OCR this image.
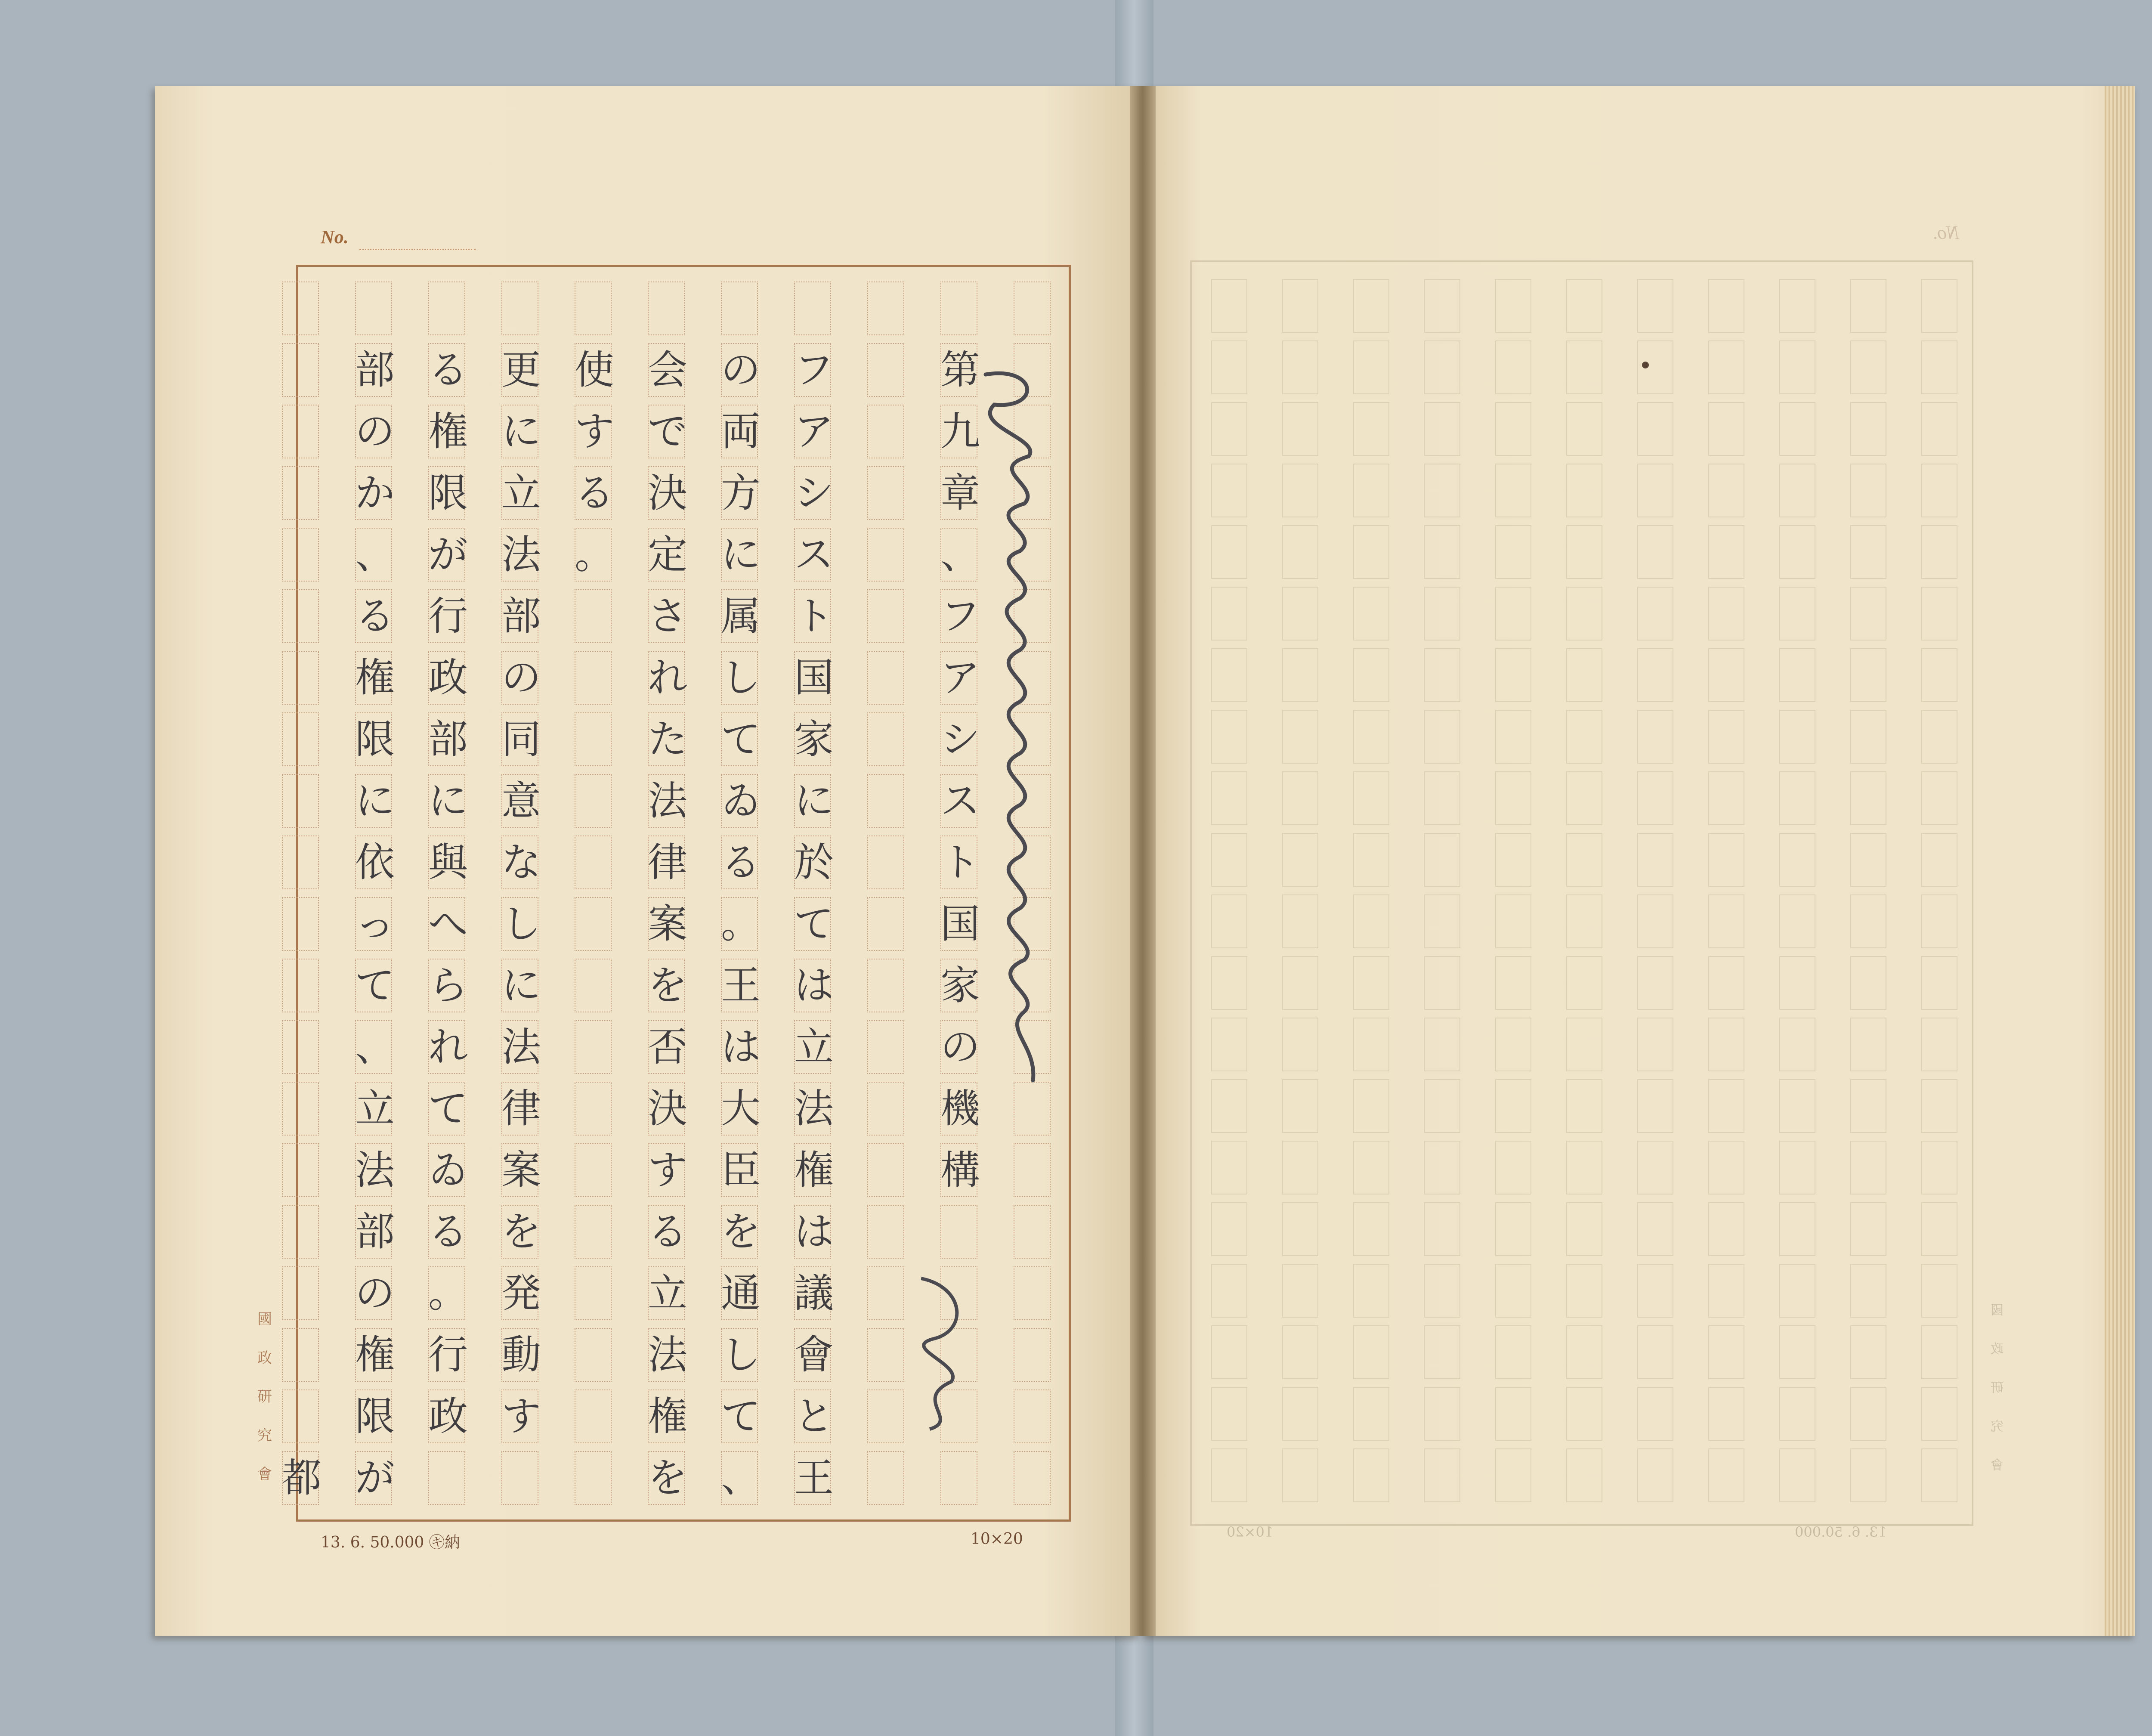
No.
第
九
章
、
フ
ア
シ
ス
ト
国
家
の
機
構
フ
ア
シ
ス
ト
国
家
に
於
て
は
立
法
権
は
議
會
と
王
の
両
方
に
属
し
て
ゐ
る
。
王
は
大
臣
を
通
し
て
、
会
で
決
定
さ
れ
た
法
律
案
を
否
決
す
る
立
法
権
を
使
す
る
。
更
に
立
法
部
の
同
意
な
し
に
法
律
案
を
発
動
す
る
権
限
が
行
政
部
に
與
へ
ら
れ
て
ゐ
る
。
行
政
部
の
か
、
る
権
限
に
依
っ
て
、
立
法
部
の
権
限
が
都
國
政
研
究
會
13. 6. 50.000 ㋖納	10×20
No.
國
政
研
究
會
13. 6. 50.000
10×20
